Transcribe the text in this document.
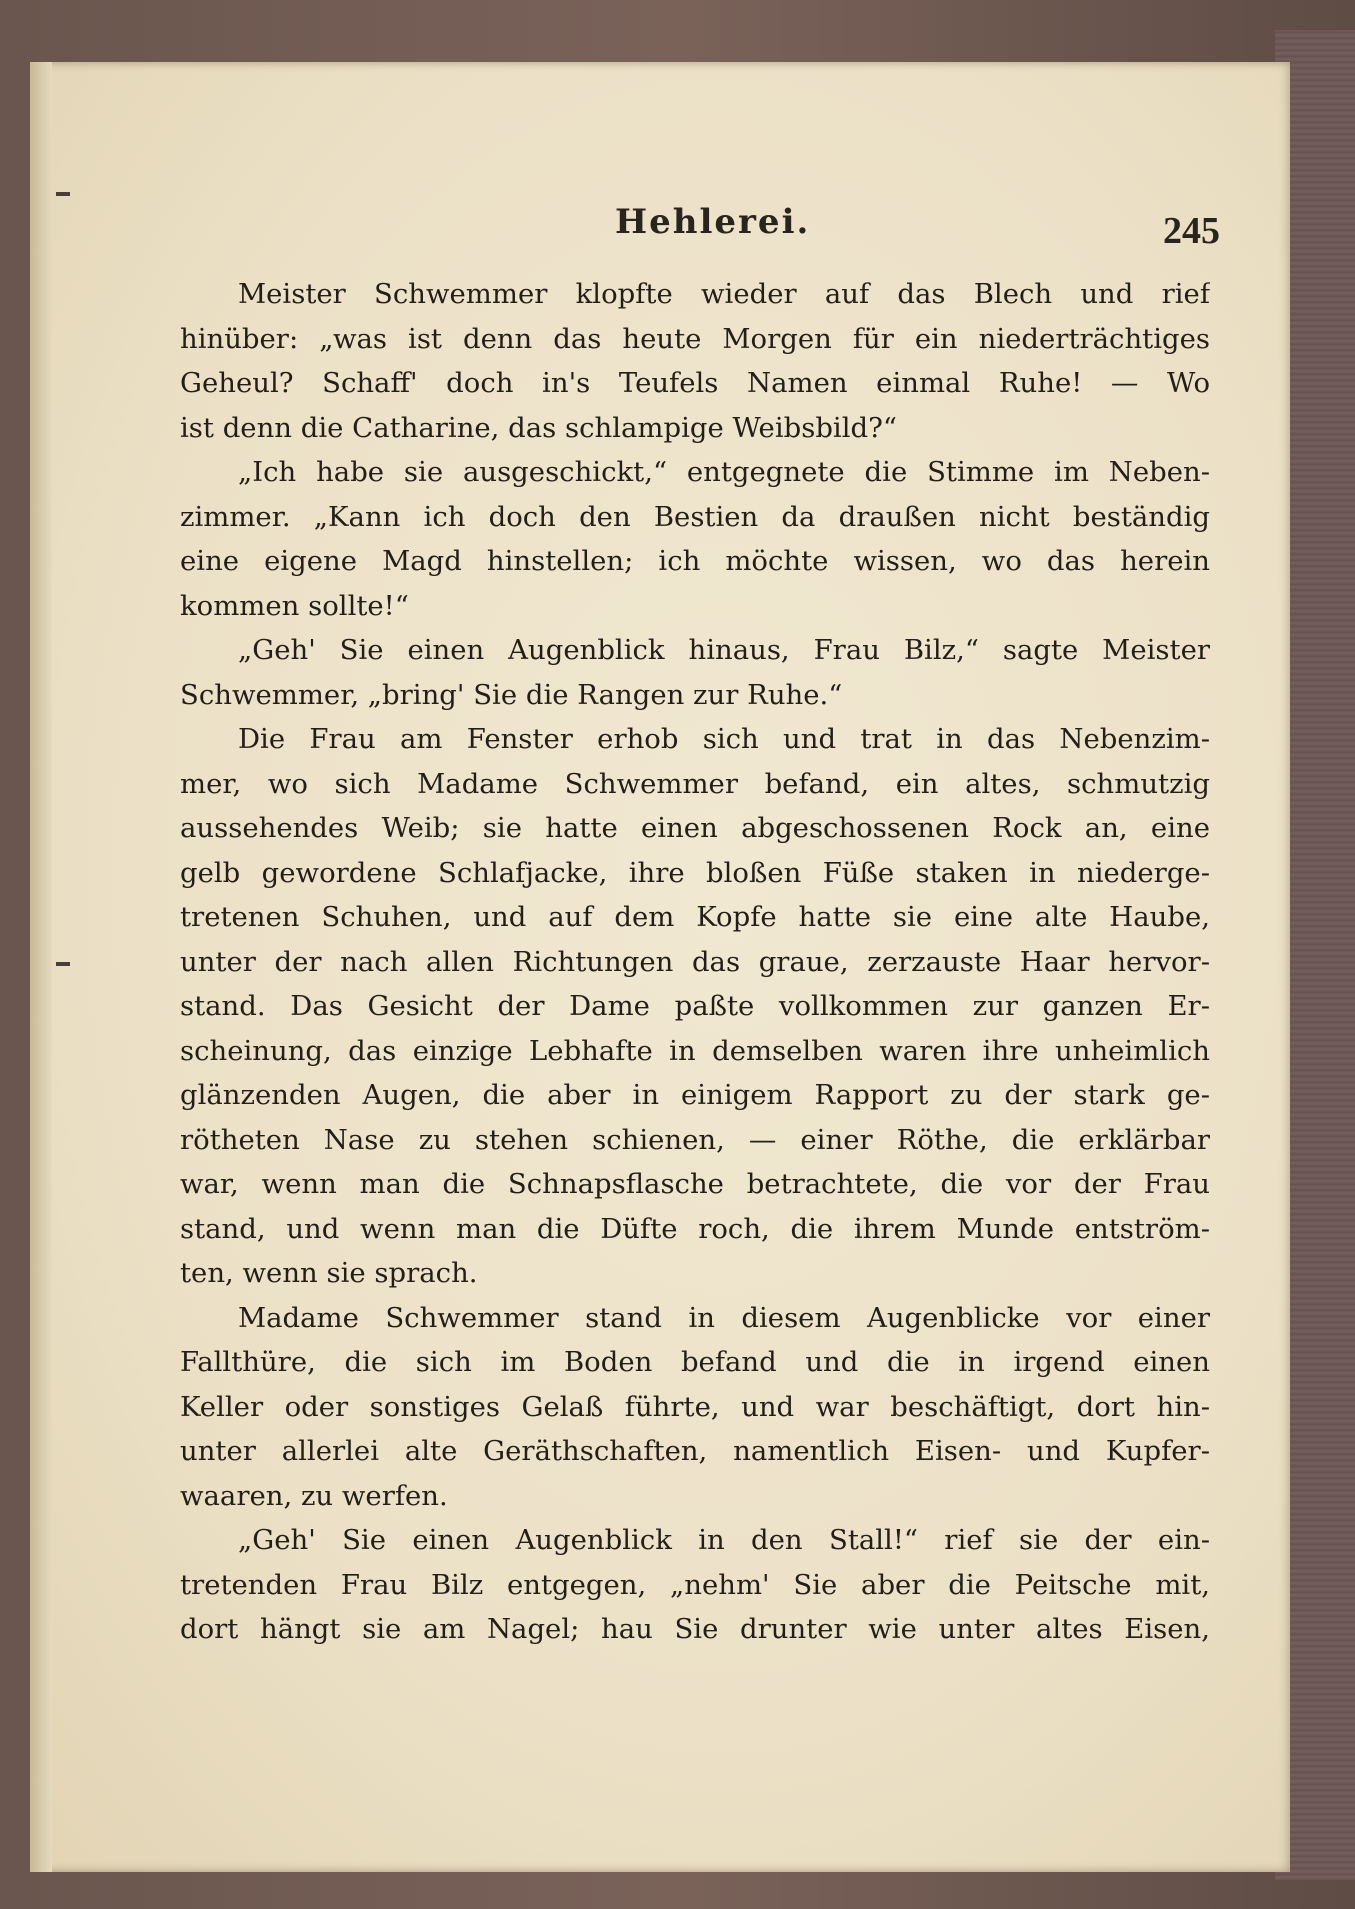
Hehlerei.	245
Meister Schwemmer klopfte wieder auf das Blech und rief
hinüber: „was ist denn das heute Morgen für ein niederträchtiges
Geheul? Schaff' doch in's Teufels Namen einmal Ruhe! — Wo
ist denn die Catharine, das schlampige Weibsbild?“
„Ich habe sie ausgeschickt,“ entgegnete die Stimme im Neben-
zimmer. „Kann ich doch den Bestien da draußen nicht beständig
eine eigene Magd hinstellen; ich möchte wissen, wo das herein
kommen sollte!“
„Geh' Sie einen Augenblick hinaus, Frau Bilz,“ sagte Meister
Schwemmer, „bring' Sie die Rangen zur Ruhe.“
Die Frau am Fenster erhob sich und trat in das Nebenzim-
mer, wo sich Madame Schwemmer befand, ein altes, schmutzig
aussehendes Weib; sie hatte einen abgeschossenen Rock an, eine
gelb gewordene Schlafjacke, ihre bloßen Füße staken in niederge-
tretenen Schuhen, und auf dem Kopfe hatte sie eine alte Haube,
unter der nach allen Richtungen das graue, zerzauste Haar hervor-
stand. Das Gesicht der Dame paßte vollkommen zur ganzen Er-
scheinung, das einzige Lebhafte in demselben waren ihre unheimlich
glänzenden Augen, die aber in einigem Rapport zu der stark ge-
rötheten Nase zu stehen schienen, — einer Röthe, die erklärbar
war, wenn man die Schnapsflasche betrachtete, die vor der Frau
stand, und wenn man die Düfte roch, die ihrem Munde entström-
ten, wenn sie sprach.
Madame Schwemmer stand in diesem Augenblicke vor einer
Fallthüre, die sich im Boden befand und die in irgend einen
Keller oder sonstiges Gelaß führte, und war beschäftigt, dort hin-
unter allerlei alte Geräthschaften, namentlich Eisen- und Kupfer-
waaren, zu werfen.
„Geh' Sie einen Augenblick in den Stall!“ rief sie der ein-
tretenden Frau Bilz entgegen, „nehm' Sie aber die Peitsche mit,
dort hängt sie am Nagel; hau Sie drunter wie unter altes Eisen,
